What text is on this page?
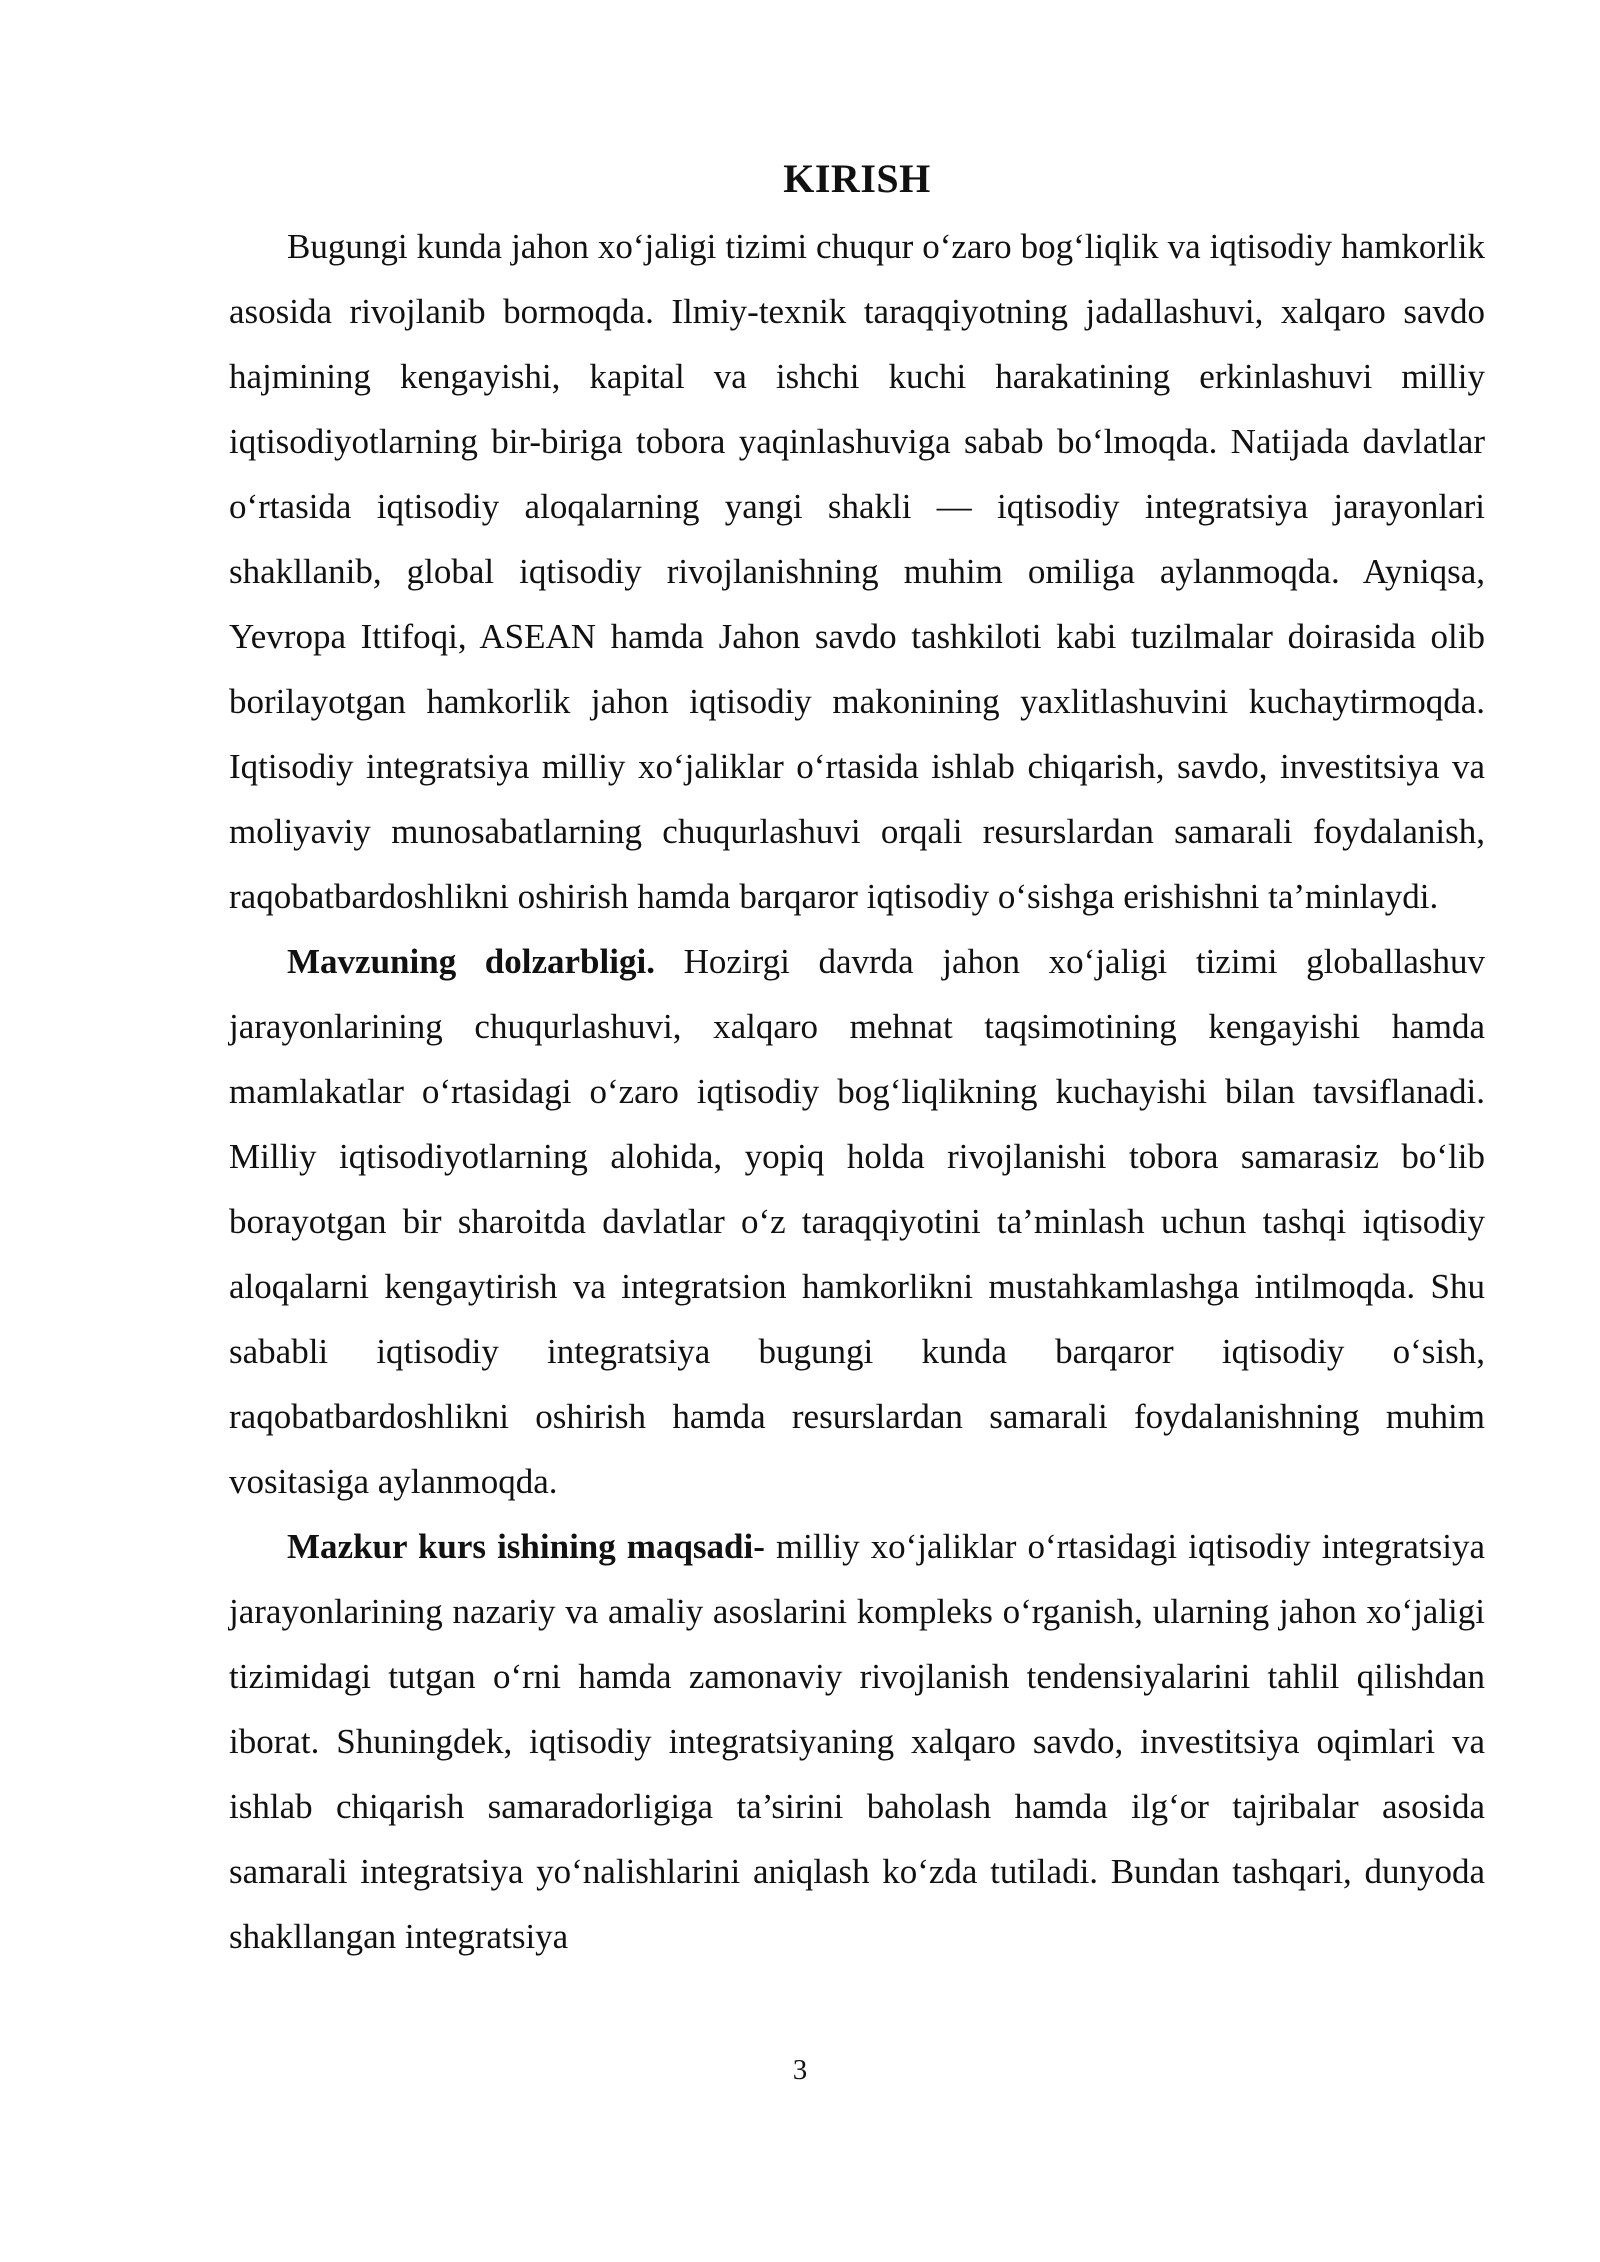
KIRISH

Bugungi kunda jahon xo‘jaligi tizimi chuqur o‘zaro bog‘liqlik va iqtisodiy hamkorlik asosida rivojlanib bormoqda. Ilmiy-texnik taraqqiyotning jadallashuvi, xalqaro savdo hajmining kengayishi, kapital va ishchi kuchi harakatining erkinlashuvi milliy iqtisodiyotlarning bir-biriga tobora yaqinlashuviga sabab bo‘lmoqda. Natijada davlatlar o‘rtasida iqtisodiy aloqalarning yangi shakli — iqtisodiy integratsiya jarayonlari shakllanib, global iqtisodiy rivojlanishning muhim omiliga aylanmoqda. Ayniqsa, Yevropa Ittifoqi, ASEAN hamda Jahon savdo tashkiloti kabi tuzilmalar doirasida olib borilayotgan hamkorlik jahon iqtisodiy makonining yaxlitlashuvini kuchaytirmoqda. Iqtisodiy integratsiya milliy xo‘jaliklar o‘rtasida ishlab chiqarish, savdo, investitsiya va moliyaviy munosabatlarning chuqurlashuvi orqali resurslardan samarali foydalanish, raqobatbardoshlikni oshirish hamda barqaror iqtisodiy o‘sishga erishishni ta’minlaydi.

Mavzuning dolzarbligi. Hozirgi davrda jahon xo‘jaligi tizimi globallashuv jarayonlarining chuqurlashuvi, xalqaro mehnat taqsimotining kengayishi hamda mamlakatlar o‘rtasidagi o‘zaro iqtisodiy bog‘liqlikning kuchayishi bilan tavsiflanadi. Milliy iqtisodiyotlarning alohida, yopiq holda rivojlanishi tobora samarasiz bo‘lib borayotgan bir sharoitda davlatlar o‘z taraqqiyotini ta’minlash uchun tashqi iqtisodiy aloqalarni kengaytirish va integratsion hamkorlikni mustahkamlashga intilmoqda. Shu sababli iqtisodiy integratsiya bugungi kunda barqaror iqtisodiy o‘sish, raqobatbardoshlikni oshirish hamda resurslardan samarali foydalanishning muhim vositasiga aylanmoqda.

Mazkur kurs ishining maqsadi- milliy xo‘jaliklar o‘rtasidagi iqtisodiy integratsiya jarayonlarining nazariy va amaliy asoslarini kompleks o‘rganish, ularning jahon xo‘jaligi tizimidagi tutgan o‘rni hamda zamonaviy rivojlanish tendensiyalarini tahlil qilishdan iborat. Shuningdek, iqtisodiy integratsiyaning xalqaro savdo, investitsiya oqimlari va ishlab chiqarish samaradorligiga ta’sirini baholash hamda ilg‘or tajribalar asosida samarali integratsiya yo‘nalishlarini aniqlash ko‘zda tutiladi. Bundan tashqari, dunyoda shakllangan integratsiya

3
